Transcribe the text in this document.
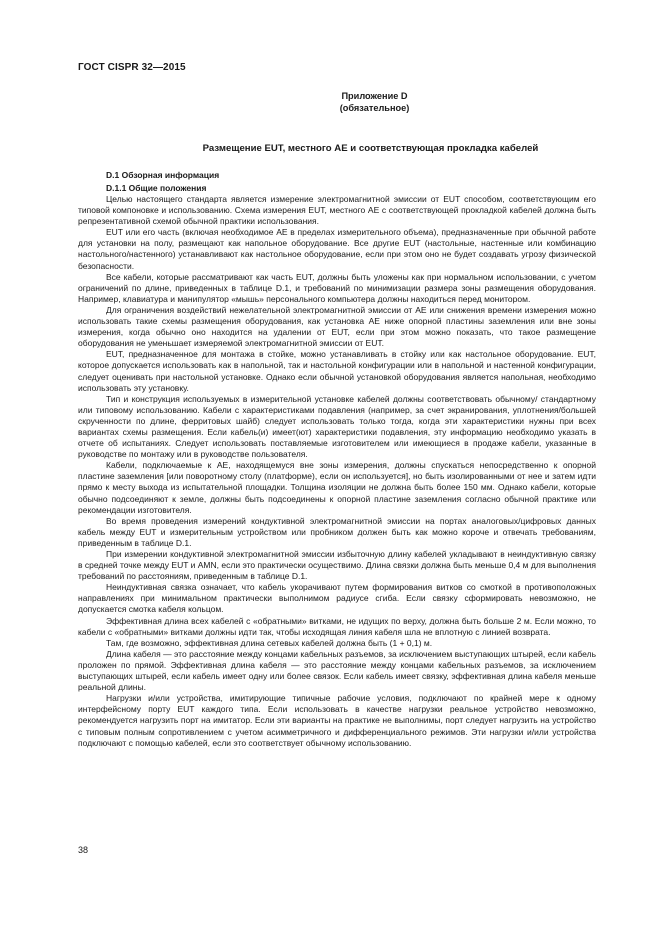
ГОСТ CISPR 32—2015
Приложение D
(обязательное)
Размещение EUT, местного АЕ и соответствующая прокладка кабелей
D.1 Обзорная информация
D.1.1 Общие положения

Целью настоящего стандарта является измерение электромагнитной эмиссии от EUT способом, соответствующим его типовой компоновке и использованию. Схема измерения EUT, местного АЕ с соответствующей прокладкой кабелей должна быть репрезентативной схемой обычной практики использования.

EUT или его часть (включая необходимое АЕ в пределах измерительного объема), предназначенные при обычной работе для установки на полу, размещают как напольное оборудование. Все другие EUT (настольные, настенные или комбинацию настольного/настенного) устанавливают как настольное оборудование, если при этом оно не будет создавать угрозу физической безопасности.

Все кабели, которые рассматривают как часть EUT, должны быть уложены как при нормальном использовании, с учетом ограничений по длине, приведенных в таблице D.1, и требований по минимизации размера зоны размещения оборудования. Например, клавиатура и манипулятор «мышь» персонального компьютера должны находиться перед монитором.

Для ограничения воздействий нежелательной электромагнитной эмиссии от АЕ или снижения времени измерения можно использовать такие схемы размещения оборудования, как установка АЕ ниже опорной пластины заземления или вне зоны измерения, когда обычно оно находится на удалении от EUT, если при этом можно показать, что такое размещение оборудования не уменьшает измеряемой электромагнитной эмиссии от EUT.

EUT, предназначенное для монтажа в стойке, можно устанавливать в стойку или как настольное оборудование. EUT, которое допускается использовать как в напольной, так и настольной конфигурации или в напольной и настенной конфигурации, следует оценивать при настольной установке. Однако если обычной установкой оборудования является напольная, необходимо использовать эту установку.

Тип и конструкция используемых в измерительной установке кабелей должны соответствовать обычному/ стандартному или типовому использованию. Кабели с характеристиками подавления (например, за счет экранирования, уплотнения/большей скрученности по длине, ферритовых шайб) следует использовать только тогда, когда эти характеристики нужны при всех вариантах схемы размещения. Если кабель(и) имеет(ют) характеристики подавления, эту информацию необходимо указать в отчете об испытаниях. Следует использовать поставляемые изготовителем или имеющиеся в продаже кабели, указанные в руководстве по монтажу или в руководстве пользователя.

Кабели, подключаемые к АЕ, находящемуся вне зоны измерения, должны спускаться непосредственно к опорной пластине заземления [или поворотному столу (платформе), если он используется], но быть изолированными от нее и затем идти прямо к месту выхода из испытательной площадки. Толщина изоляции не должна быть более 150 мм. Однако кабели, которые обычно подсоединяют к земле, должны быть подсоединены к опорной пластине заземления согласно обычной практике или рекомендации изготовителя.

Во время проведения измерений кондуктивной электромагнитной эмиссии на портах аналоговых/цифровых данных кабель между EUT и измерительным устройством или пробником должен быть как можно короче и отвечать требованиям, приведенным в таблице D.1.

При измерении кондуктивной электромагнитной эмиссии избыточную длину кабелей укладывают в неиндуктивную связку в средней точке между EUT и AMN, если это практически осуществимо. Длина связки должна быть меньше 0,4 м для выполнения требований по расстояниям, приведенным в таблице D.1.

Неиндуктивная связка означает, что кабель укорачивают путем формирования витков со смоткой в противоположных направлениях при минимальном практически выполнимом радиусе сгиба. Если связку сформировать невозможно, не допускается смотка кабеля кольцом.

Эффективная длина всех кабелей с «обратными» витками, не идущих по верху, должна быть больше 2 м. Если можно, то кабели с «обратными» витками должны идти так, чтобы исходящая линия кабеля шла не вплотную с линией возврата.

Там, где возможно, эффективная длина сетевых кабелей должна быть (1 + 0,1) м.

Длина кабеля — это расстояние между концами кабельных разъемов, за исключением выступающих штырей, если кабель проложен по прямой. Эффективная длина кабеля — это расстояние между концами кабельных разъемов, за исключением выступающих штырей, если кабель имеет одну или более связок. Если кабель имеет связку, эффективная длина кабеля меньше реальной длины.

Нагрузки и/или устройства, имитирующие типичные рабочие условия, подключают по крайней мере к одному интерфейсному порту EUT каждого типа. Если использовать в качестве нагрузки реальное устройство невозможно, рекомендуется нагрузить порт на имитатор. Если эти варианты на практике не выполнимы, порт следует нагрузить на устройство с типовым полным сопротивлением с учетом асимметричного и дифференциального режимов. Эти нагрузки и/или устройства подключают с помощью кабелей, если это соответствует обычному использованию.

38
